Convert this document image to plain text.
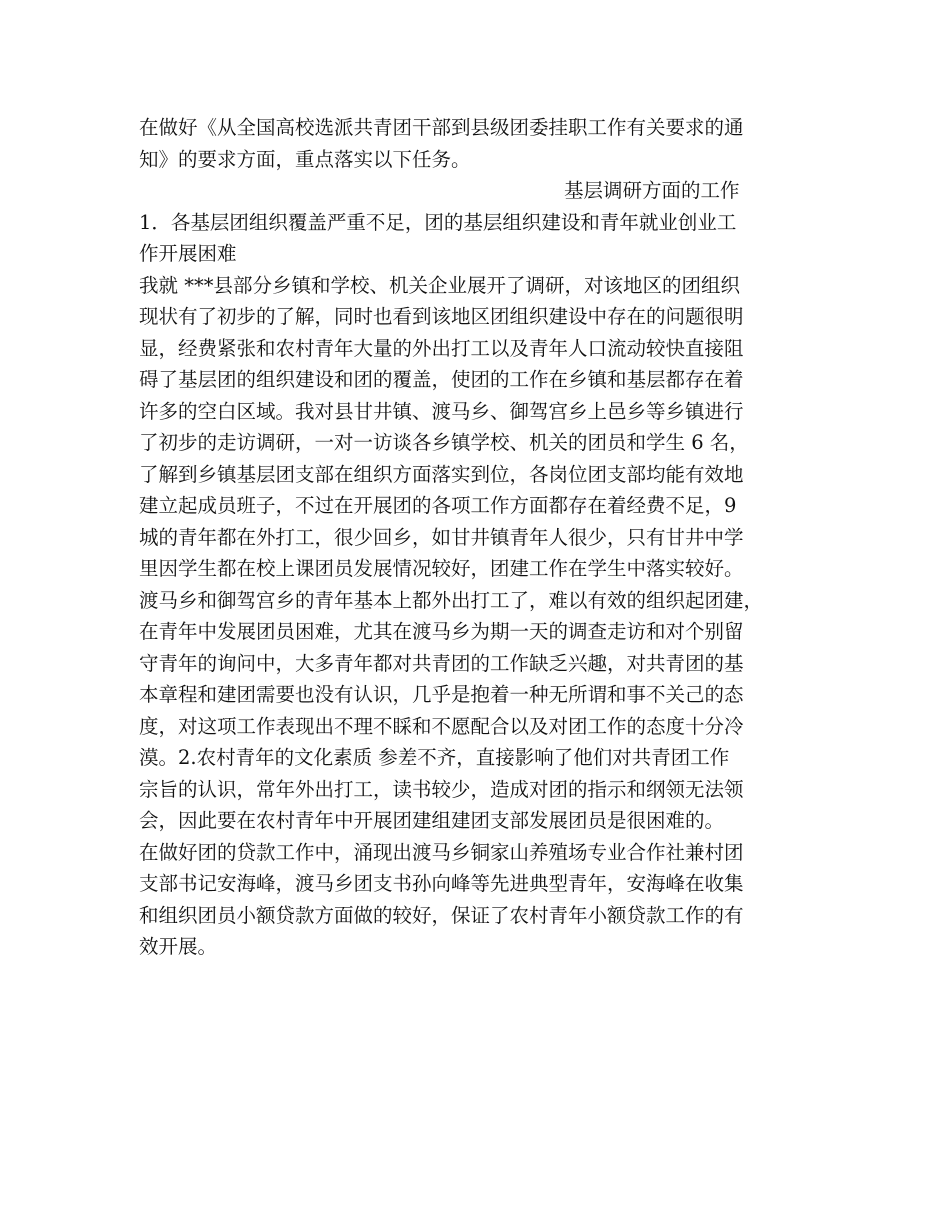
在做好《从全国高校选派共青团干部到县级团委挂职工作有关要求的通
知》的要求方面，重点落实以下任务。
基层调研方面的工作
1．各基层团组织覆盖严重不足，团的基层组织建设和青年就业创业工
作开展困难
我就 ***县部分乡镇和学校、机关企业展开了调研，对该地区的团组织
现状有了初步的了解，同时也看到该地区团组织建设中存在的问题很明
显，经费紧张和农村青年大量的外出打工以及青年人口流动较快直接阻
碍了基层团的组织建设和团的覆盖，使团的工作在乡镇和基层都存在着
许多的空白区域。我对县甘井镇、渡马乡、御驾宫乡上邑乡等乡镇进行
了初步的走访调研，一对一访谈各乡镇学校、机关的团员和学生 6 名，
了解到乡镇基层团支部在组织方面落实到位，各岗位团支部均能有效地
建立起成员班子，不过在开展团的各项工作方面都存在着经费不足，9
城的青年都在外打工，很少回乡，如甘井镇青年人很少，只有甘井中学
里因学生都在校上课团员发展情况较好，团建工作在学生中落实较好。
渡马乡和御驾宫乡的青年基本上都外出打工了，难以有效的组织起团建，
在青年中发展团员困难，尤其在渡马乡为期一天的调查走访和对个别留
守青年的询问中，大多青年都对共青团的工作缺乏兴趣，对共青团的基
本章程和建团需要也没有认识，几乎是抱着一种无所谓和事不关己的态
度，对这项工作表现出不理不睬和不愿配合以及对团工作的态度十分冷
漠。2.农村青年的文化素质 参差不齐，直接影响了他们对共青团工作
宗旨的认识，常年外出打工，读书较少，造成对团的指示和纲领无法领
会，因此要在农村青年中开展团建组建团支部发展团员是很困难的。
在做好团的贷款工作中，涌现出渡马乡铜家山养殖场专业合作社兼村团
支部书记安海峰，渡马乡团支书孙向峰等先进典型青年，安海峰在收集
和组织团员小额贷款方面做的较好，保证了农村青年小额贷款工作的有
效开展。
